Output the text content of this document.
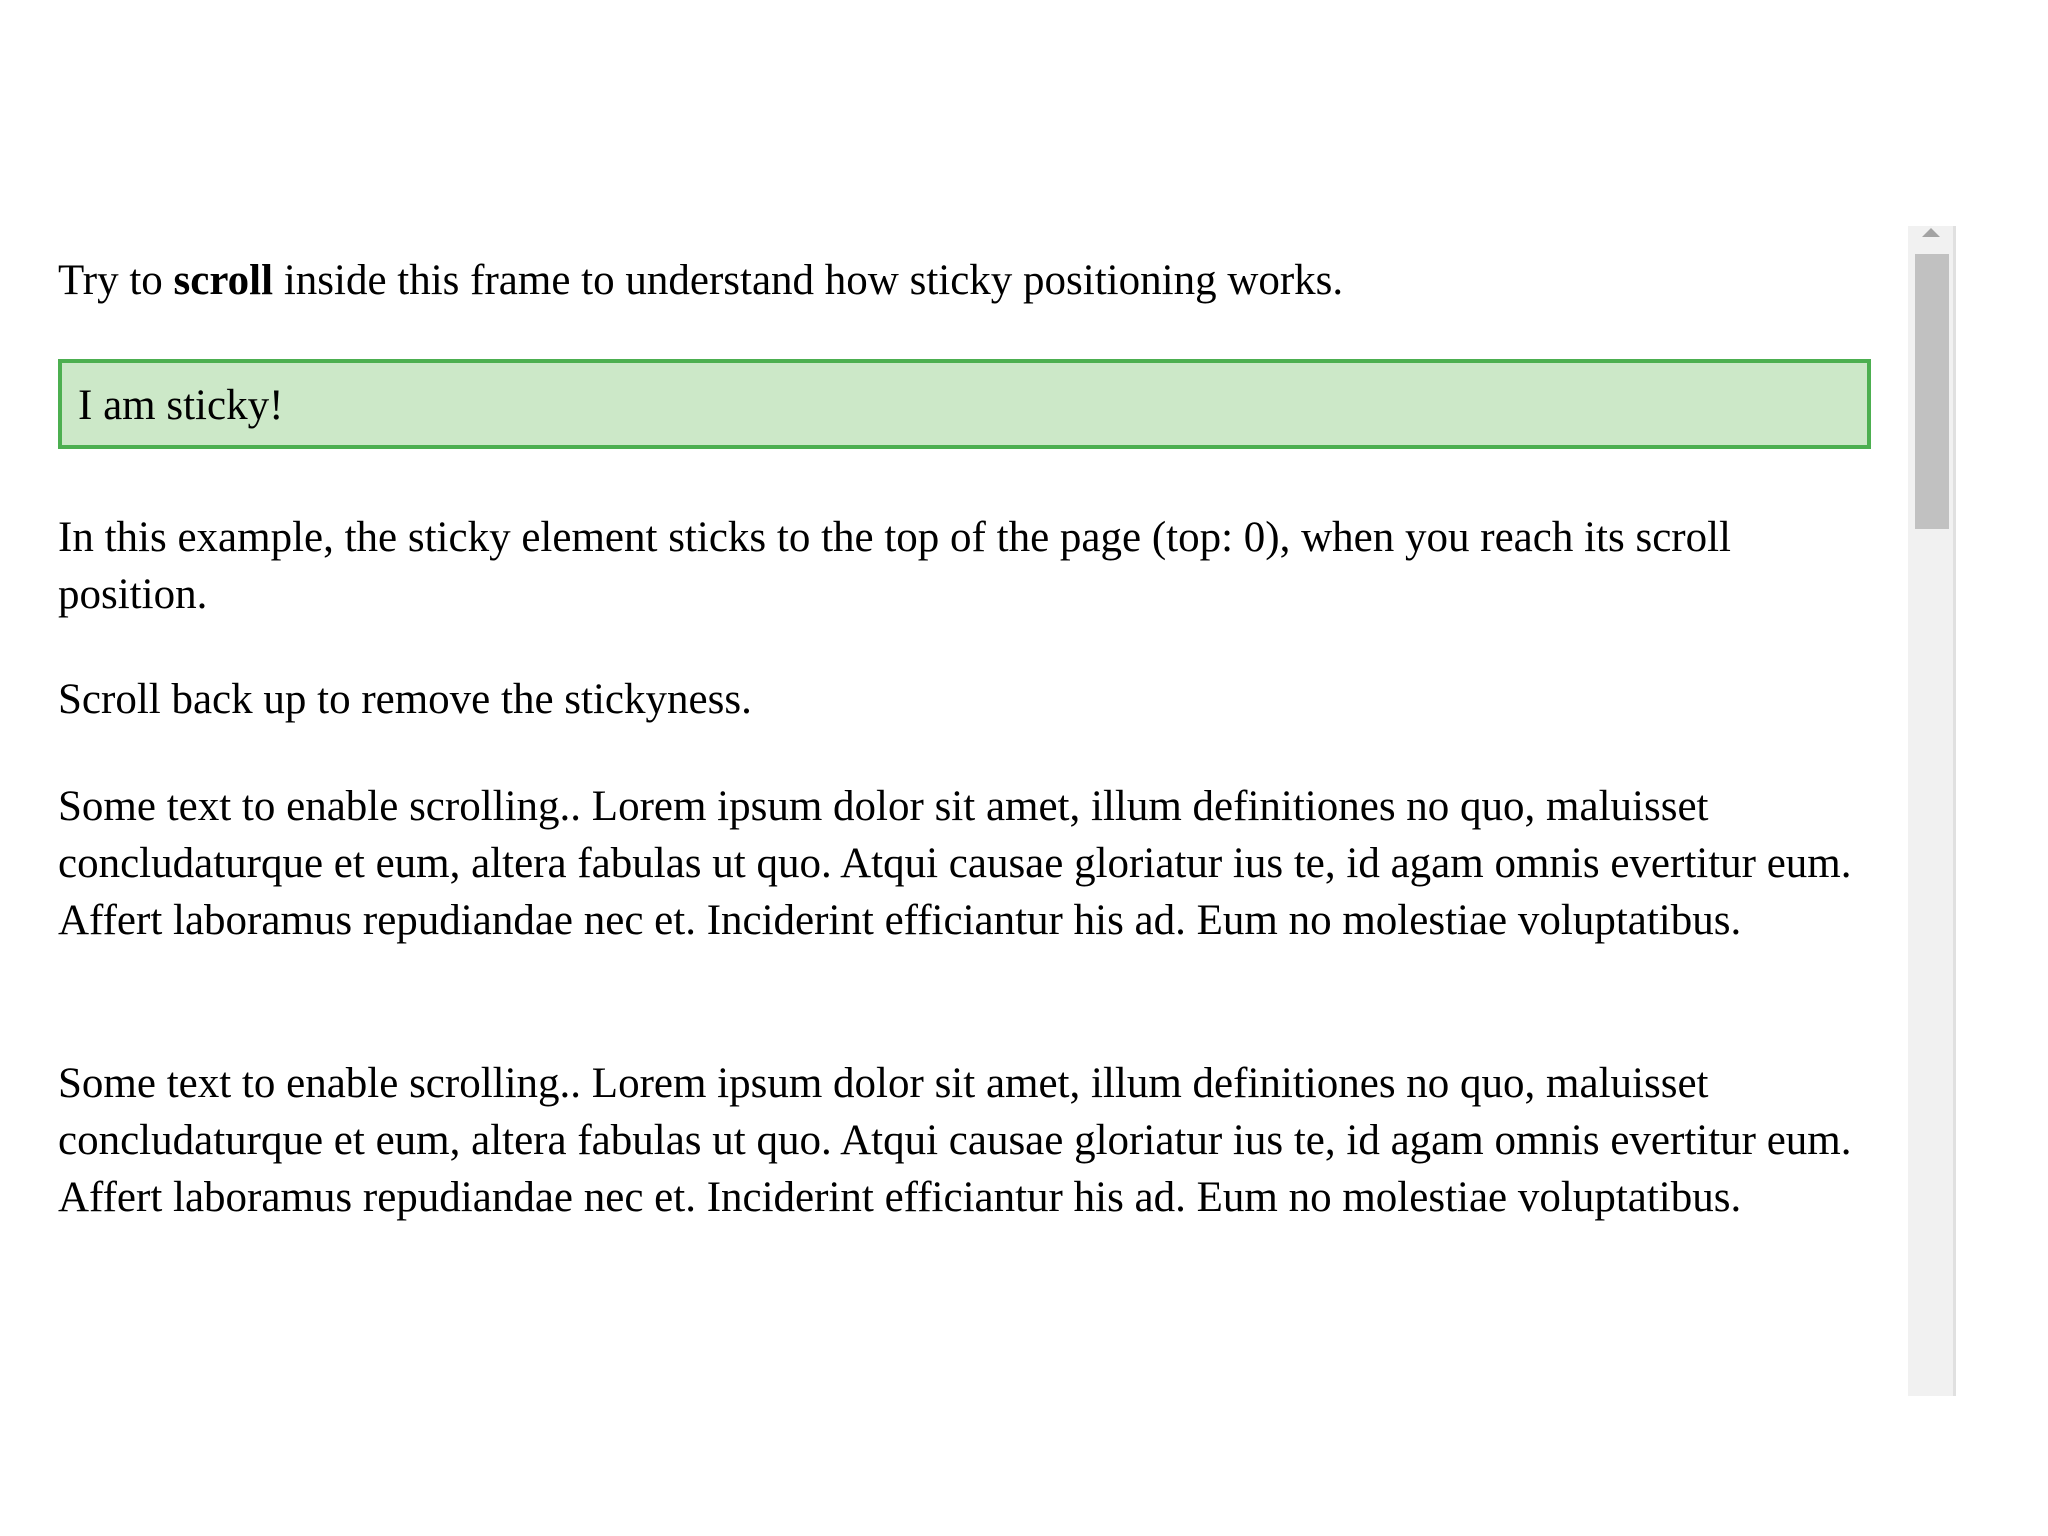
Try to scroll inside this frame to understand how sticky positioning works.

I am sticky!

In this example, the sticky element sticks to the top of the page (top: 0), when you reach its scroll position.

Scroll back up to remove the stickyness.

Some text to enable scrolling.. Lorem ipsum dolor sit amet, illum definitiones no quo, maluisset concludaturque et eum, altera fabulas ut quo. Atqui causae gloriatur ius te, id agam omnis evertitur eum. Affert laboramus repudiandae nec et. Inciderint efficiantur his ad. Eum no molestiae voluptatibus.

Some text to enable scrolling.. Lorem ipsum dolor sit amet, illum definitiones no quo, maluisset concludaturque et eum, altera fabulas ut quo. Atqui causae gloriatur ius te, id agam omnis evertitur eum. Affert laboramus repudiandae nec et. Inciderint efficiantur his ad. Eum no molestiae voluptatibus.
